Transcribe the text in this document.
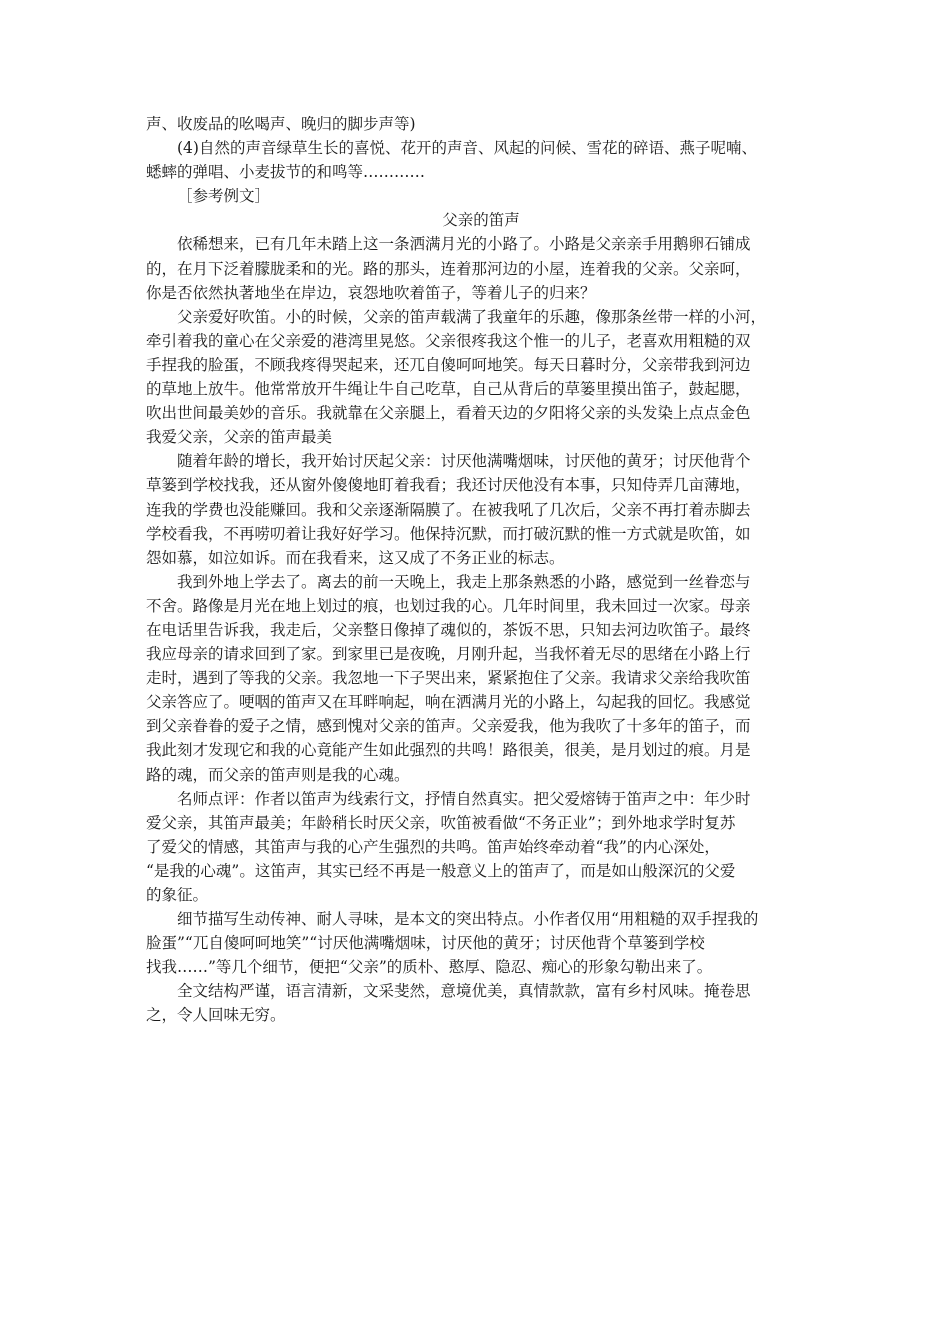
声、收废品的吆喝声、晚归的脚步声等)

(4)自然的声音绿草生长的喜悦、花开的声音、风起的问候、雪花的碎语、燕子呢喃、

蟋蟀的弹唱、小麦拔节的和鸣等…………

［参考例文］

父亲的笛声

依稀想来，已有几年未踏上这一条洒满月光的小路了。小路是父亲亲手用鹅卵石铺成

的，在月下泛着朦胧柔和的光。路的那头，连着那河边的小屋，连着我的父亲。父亲呵，

你是否依然执著地坐在岸边，哀怨地吹着笛子，等着儿子的归来？

父亲爱好吹笛。小的时候，父亲的笛声载满了我童年的乐趣，像那条丝带一样的小河，

牵引着我的童心在父亲爱的港湾里晃悠。父亲很疼我这个惟一的儿子，老喜欢用粗糙的双

手捏我的脸蛋，不顾我疼得哭起来，还兀自傻呵呵地笑。每天日暮时分，父亲带我到河边

的草地上放牛。他常常放开牛绳让牛自己吃草，自己从背后的草篓里摸出笛子，鼓起腮，

吹出世间最美妙的音乐。我就靠在父亲腿上，看着天边的夕阳将父亲的头发染上点点金色

我爱父亲，父亲的笛声最美

随着年龄的增长，我开始讨厌起父亲：讨厌他满嘴烟味，讨厌他的黄牙；讨厌他背个

草篓到学校找我，还从窗外傻傻地盯着我看；我还讨厌他没有本事，只知侍弄几亩薄地，

连我的学费也没能赚回。我和父亲逐渐隔膜了。在被我吼了几次后，父亲不再打着赤脚去

学校看我，不再唠叨着让我好好学习。他保持沉默，而打破沉默的惟一方式就是吹笛，如

怨如慕，如泣如诉。而在我看来，这又成了不务正业的标志。

我到外地上学去了。离去的前一天晚上，我走上那条熟悉的小路，感觉到一丝眷恋与

不舍。路像是月光在地上划过的痕，也划过我的心。几年时间里，我未回过一次家。母亲

在电话里告诉我，我走后，父亲整日像掉了魂似的，茶饭不思，只知去河边吹笛子。最终

我应母亲的请求回到了家。到家里已是夜晚，月刚升起，当我怀着无尽的思绪在小路上行

走时，遇到了等我的父亲。我忽地一下子哭出来，紧紧抱住了父亲。我请求父亲给我吹笛

父亲答应了。哽咽的笛声又在耳畔响起，响在洒满月光的小路上，勾起我的回忆。我感觉

到父亲眷眷的爱子之情，感到愧对父亲的笛声。父亲爱我，他为我吹了十多年的笛子，而

我此刻才发现它和我的心竟能产生如此强烈的共鸣！路很美，很美，是月划过的痕。月是

路的魂，而父亲的笛声则是我的心魂。

名师点评：作者以笛声为线索行文，抒情自然真实。把父爱熔铸于笛声之中：年少时

爱父亲，其笛声最美；年龄稍长时厌父亲，吹笛被看做“不务正业”；到外地求学时复苏

了爱父的情感，其笛声与我的心产生强烈的共鸣。笛声始终牵动着“我”的内心深处，

“是我的心魂”。这笛声，其实已经不再是一般意义上的笛声了，而是如山般深沉的父爱

的象征。

细节描写生动传神、耐人寻味，是本文的突出特点。小作者仅用“用粗糙的双手捏我的

脸蛋”“兀自傻呵呵地笑”“讨厌他满嘴烟味，讨厌他的黄牙；讨厌他背个草篓到学校

找我……”等几个细节，便把“父亲”的质朴、憨厚、隐忍、痴心的形象勾勒出来了。

全文结构严谨，语言清新，文采斐然，意境优美，真情款款，富有乡村风味。掩卷思

之，令人回味无穷。
